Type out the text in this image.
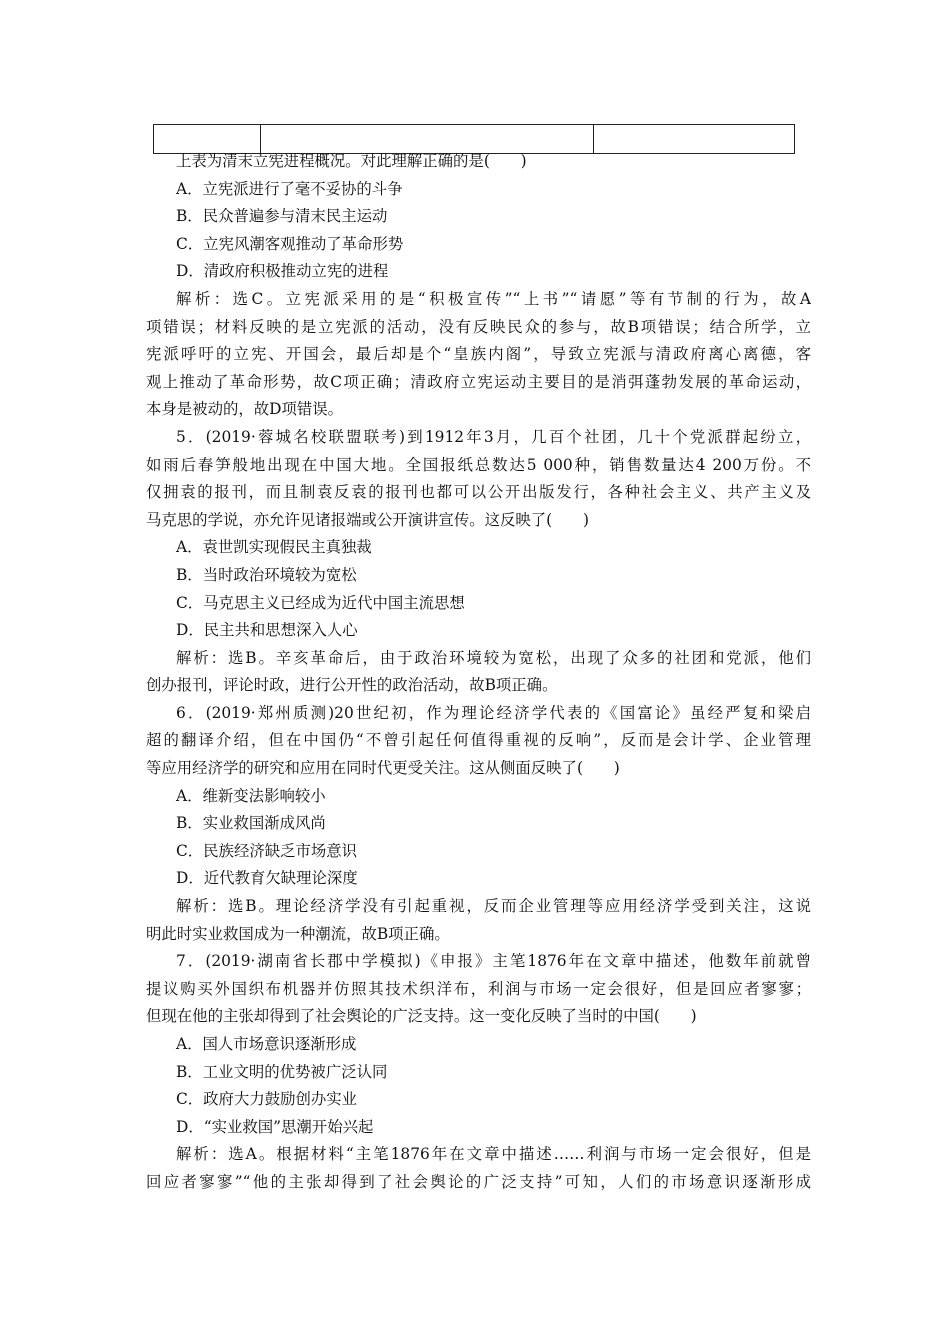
上表为清末立宪进程概况。对此理解正确的是(　　)
A．立宪派进行了毫不妥协的斗争
B．民众普遍参与清末民主运动
C．立宪风潮客观推动了革命形势
D．清政府积极推动立宪的进程
解析：选C。立宪派采用的是“积极宣传”“上书”“请愿”等有节制的行为，故A
项错误；材料反映的是立宪派的活动，没有反映民众的参与，故B项错误；结合所学，立
宪派呼吁的立宪、开国会，最后却是个“皇族内阁”，导致立宪派与清政府离心离德，客
观上推动了革命形势，故C项正确；清政府立宪运动主要目的是消弭蓬勃发展的革命运动，
本身是被动的，故D项错误。
5．(2019·蓉城名校联盟联考)到1912年3月，几百个社团，几十个党派群起纷立，
如雨后春笋般地出现在中国大地。全国报纸总数达5 000种，销售数量达4 200万份。不
仅拥袁的报刊，而且制袁反袁的报刊也都可以公开出版发行，各种社会主义、共产主义及
马克思的学说，亦允许见诸报端或公开演讲宣传。这反映了(　　)
A．袁世凯实现假民主真独裁
B．当时政治环境较为宽松
C．马克思主义已经成为近代中国主流思想
D．民主共和思想深入人心
解析：选B。辛亥革命后，由于政治环境较为宽松，出现了众多的社团和党派，他们
创办报刊，评论时政，进行公开性的政治活动，故B项正确。
6．(2019·郑州质测)20世纪初，作为理论经济学代表的《国富论》虽经严复和梁启
超的翻译介绍，但在中国仍“不曾引起任何值得重视的反响”，反而是会计学、企业管理
等应用经济学的研究和应用在同时代更受关注。这从侧面反映了(　　)
A．维新变法影响较小
B．实业救国渐成风尚
C．民族经济缺乏市场意识
D．近代教育欠缺理论深度
解析：选B。理论经济学没有引起重视，反而企业管理等应用经济学受到关注，这说
明此时实业救国成为一种潮流，故B项正确。
7．(2019·湖南省长郡中学模拟)《申报》主笔1876年在文章中描述，他数年前就曾
提议购买外国织布机器并仿照其技术织洋布，利润与市场一定会很好，但是回应者寥寥；
但现在他的主张却得到了社会舆论的广泛支持。这一变化反映了当时的中国(　　)
A．国人市场意识逐渐形成
B．工业文明的优势被广泛认同
C．政府大力鼓励创办实业
D．“实业救国”思潮开始兴起
解析：选A。根据材料“主笔1876年在文章中描述……利润与市场一定会很好，但是
回应者寥寥”“他的主张却得到了社会舆论的广泛支持”可知，人们的市场意识逐渐形成
